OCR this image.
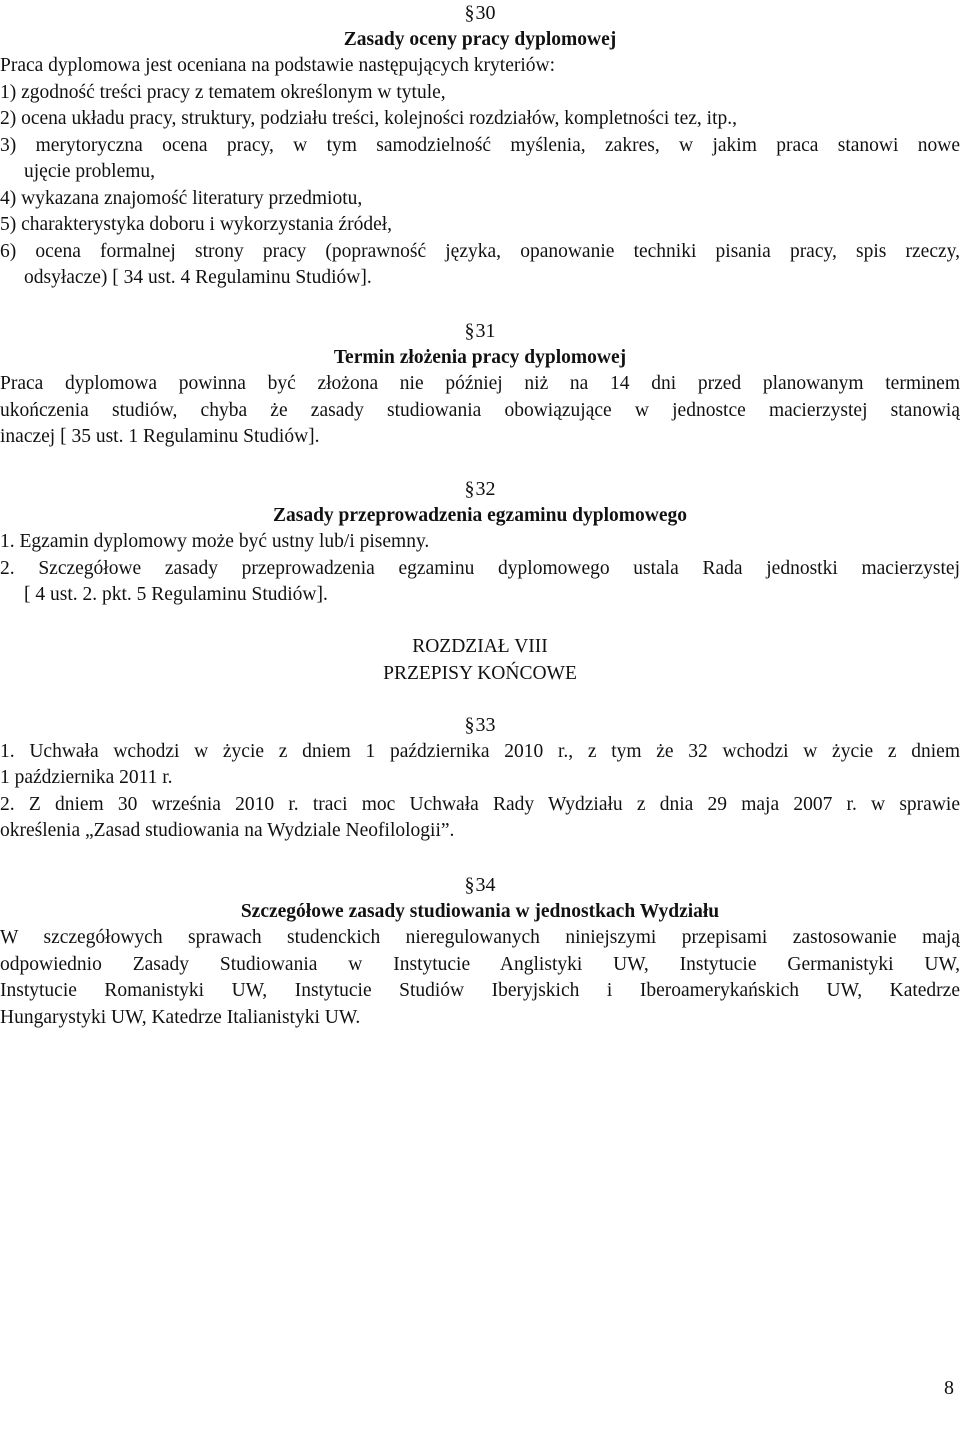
§30
Zasady oceny pracy dyplomowej
Praca dyplomowa jest oceniana na podstawie następujących kryteriów:
1) zgodność treści pracy z tematem określonym w tytule,
2) ocena układu pracy, struktury, podziału treści, kolejności rozdziałów, kompletności tez, itp.,
3) merytoryczna ocena pracy, w tym samodzielność myślenia, zakres, w jakim praca stanowi nowe
ujęcie problemu,
4) wykazana znajomość literatury przedmiotu,
5) charakterystyka doboru i wykorzystania źródeł,
6) ocena formalnej strony pracy (poprawność języka, opanowanie techniki pisania pracy, spis rzeczy,
odsyłacze) [ 34 ust. 4 Regulaminu Studiów].
§31
Termin złożenia pracy dyplomowej
Praca dyplomowa powinna być złożona nie później niż na 14 dni przed planowanym terminem
ukończenia studiów, chyba że zasady studiowania obowiązujące w jednostce macierzystej stanowią
inaczej [ 35 ust. 1 Regulaminu Studiów].
§32
Zasady przeprowadzenia egzaminu dyplomowego
1. Egzamin dyplomowy może być ustny lub/i pisemny.
2. Szczegółowe zasady przeprowadzenia egzaminu dyplomowego ustala Rada jednostki macierzystej
[ 4 ust. 2. pkt. 5 Regulaminu Studiów].
ROZDZIAŁ VIII
PRZEPISY KOŃCOWE
§33
1. Uchwała wchodzi w życie z dniem 1 października 2010 r., z tym że 32 wchodzi w życie z dniem
1 października 2011 r.
2. Z dniem 30 września 2010 r. traci moc Uchwała Rady Wydziału z dnia 29 maja 2007 r. w sprawie
określenia „Zasad studiowania na Wydziale Neofilologii”.
§34
Szczegółowe zasady studiowania w jednostkach Wydziału
W szczegółowych sprawach studenckich nieregulowanych niniejszymi przepisami zastosowanie mają
odpowiednio Zasady Studiowania w Instytucie Anglistyki UW, Instytucie Germanistyki UW,
Instytucie Romanistyki UW, Instytucie Studiów Iberyjskich i Iberoamerykańskich UW, Katedrze
Hungarystyki UW, Katedrze Italianistyki UW.
8
